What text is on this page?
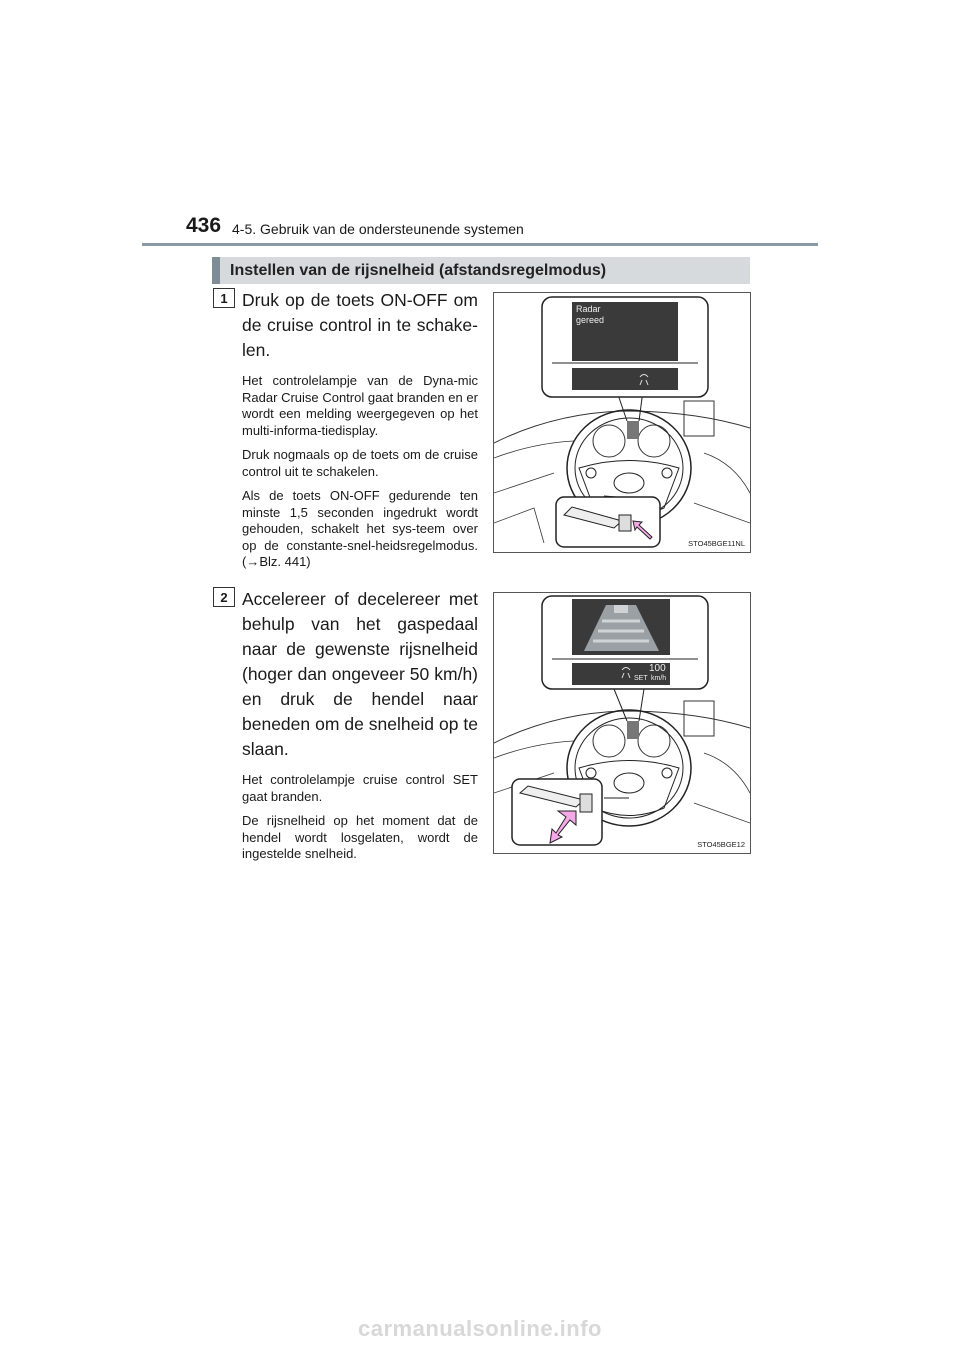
436 4-5. Gebruik van de ondersteunende systemen
Instellen van de rijsnelheid (afstandsregelmodus)
1 Druk op de toets ON-OFF om de cruise control in te schake-len.

Het controlelampje van de Dyna-mic Radar Cruise Control gaat branden en er wordt een melding weergegeven op het multi-informa-tiedisplay.

Druk nogmaals op de toets om de cruise control uit te schakelen.

Als de toets ON-OFF gedurende ten minste 1,5 seconden ingedrukt wordt gehouden, schakelt het sys-teem over op de constante-snel-heidsregelmodus. (→Blz. 441)

Radar
gereed
STO45BGE11NL
2 Accelereer of decelereer met behulp van het gaspedaal naar de gewenste rijsnelheid (hoger dan ongeveer 50 km/h) en druk de hendel naar beneden om de snelheid op te slaan.

Het controlelampje cruise control SET gaat branden.

De rijsnelheid op het moment dat de hendel wordt losgelaten, wordt de ingestelde snelheid.

100
SET km/h
STO45BGE12
carmanualsonline.info
